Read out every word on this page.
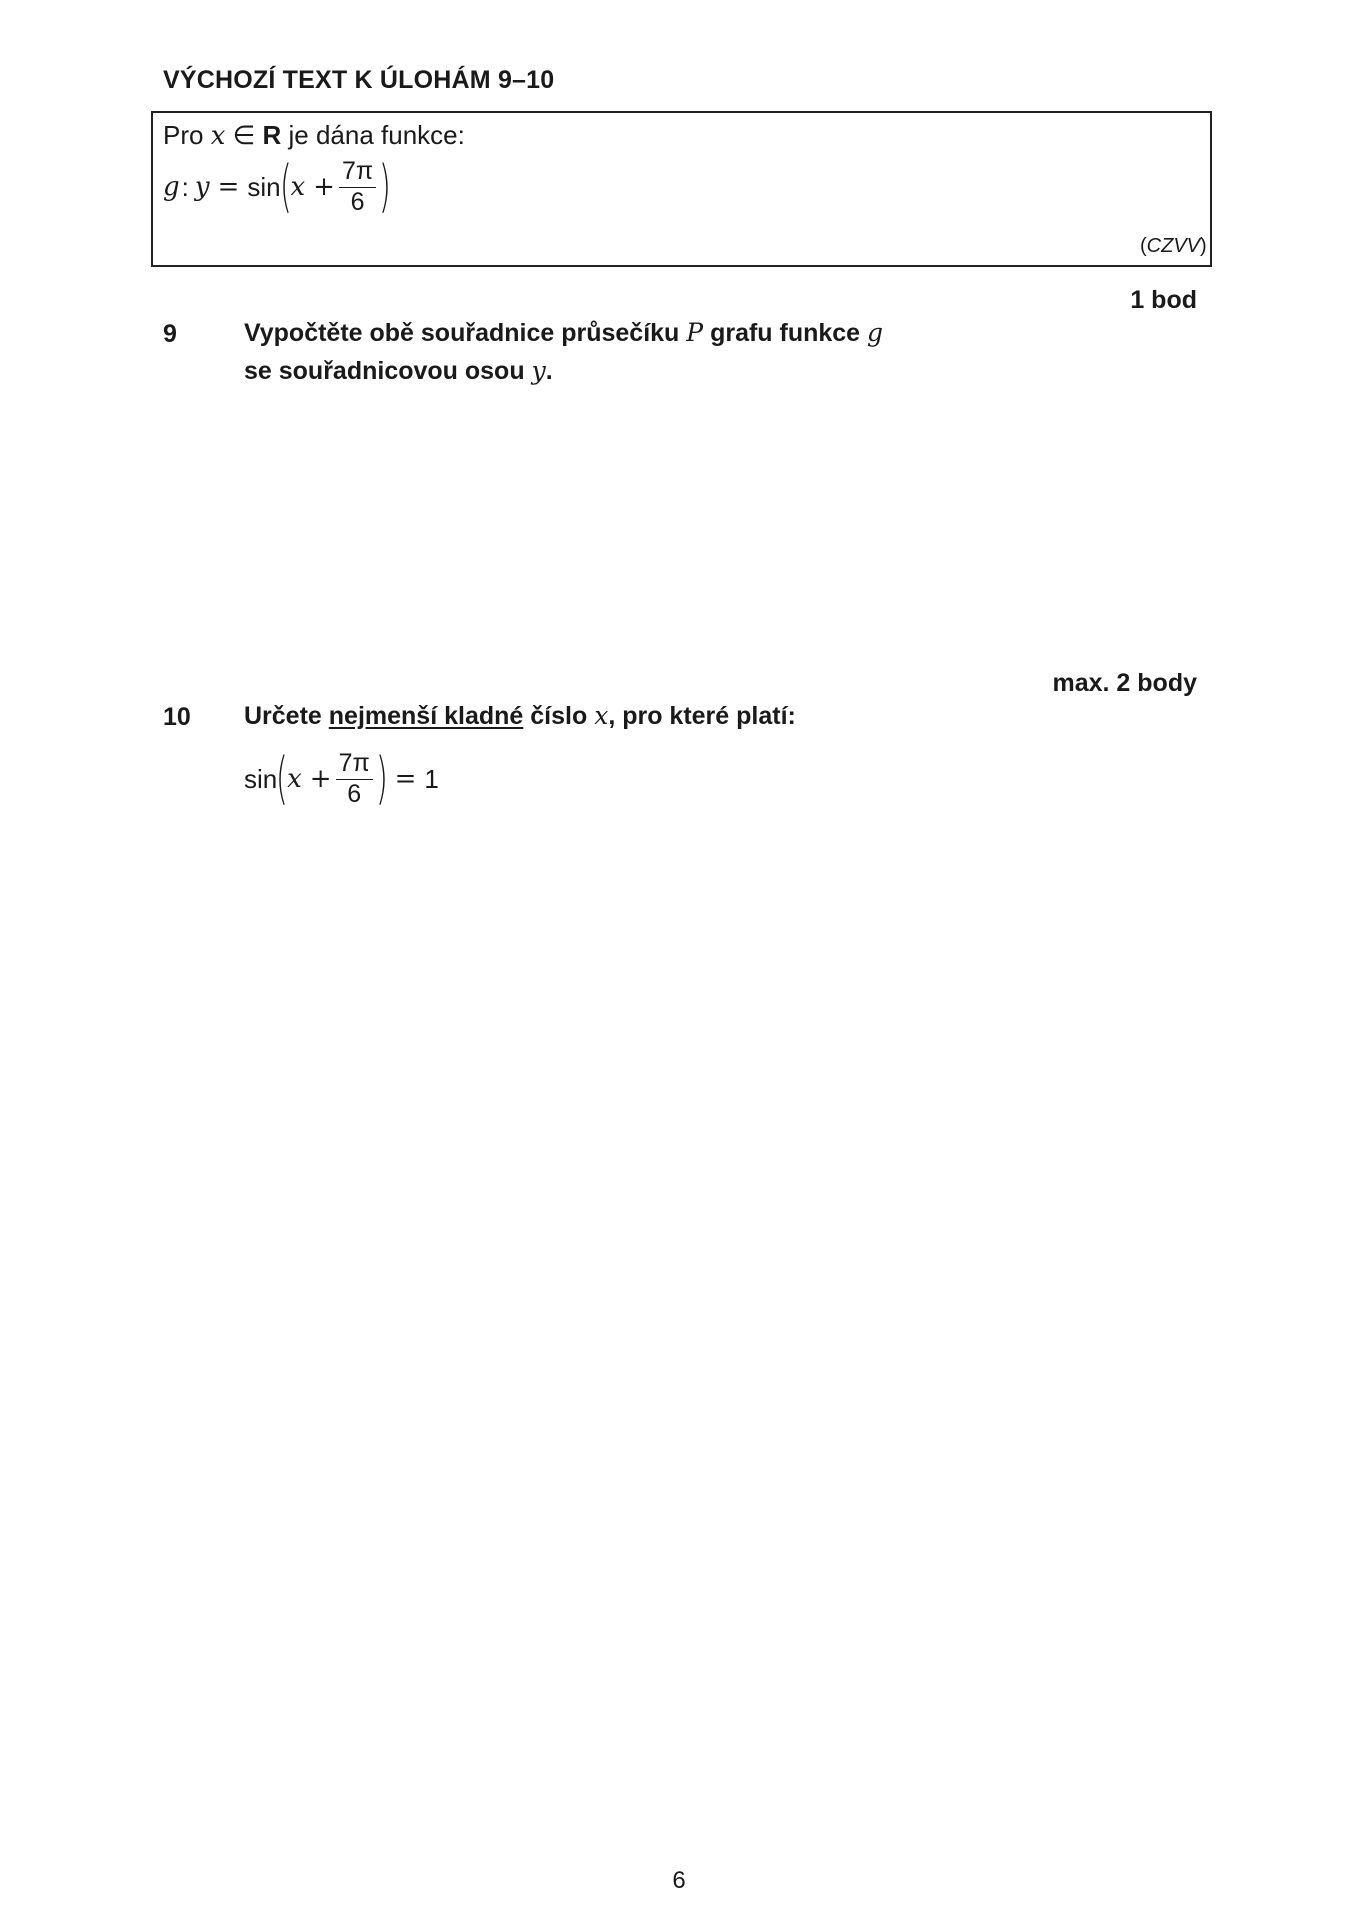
VÝCHOZÍ TEXT K ÚLOHÁM 9–10
Pro x ∈ R je dána funkce:
g : y = sin
(
$x + \frac{7\pi}{6}$ )
(CZVV)
1 bod
9	Vypočtěte obě souřadnice průsečíku P grafu funkce g
se souřadnicovou osou y.
max. 2 body
10 Určete nejmenší kladné číslo x, pro které platí:
sin
(
$x + \frac{7\pi}{6}$ ) = 1
6
